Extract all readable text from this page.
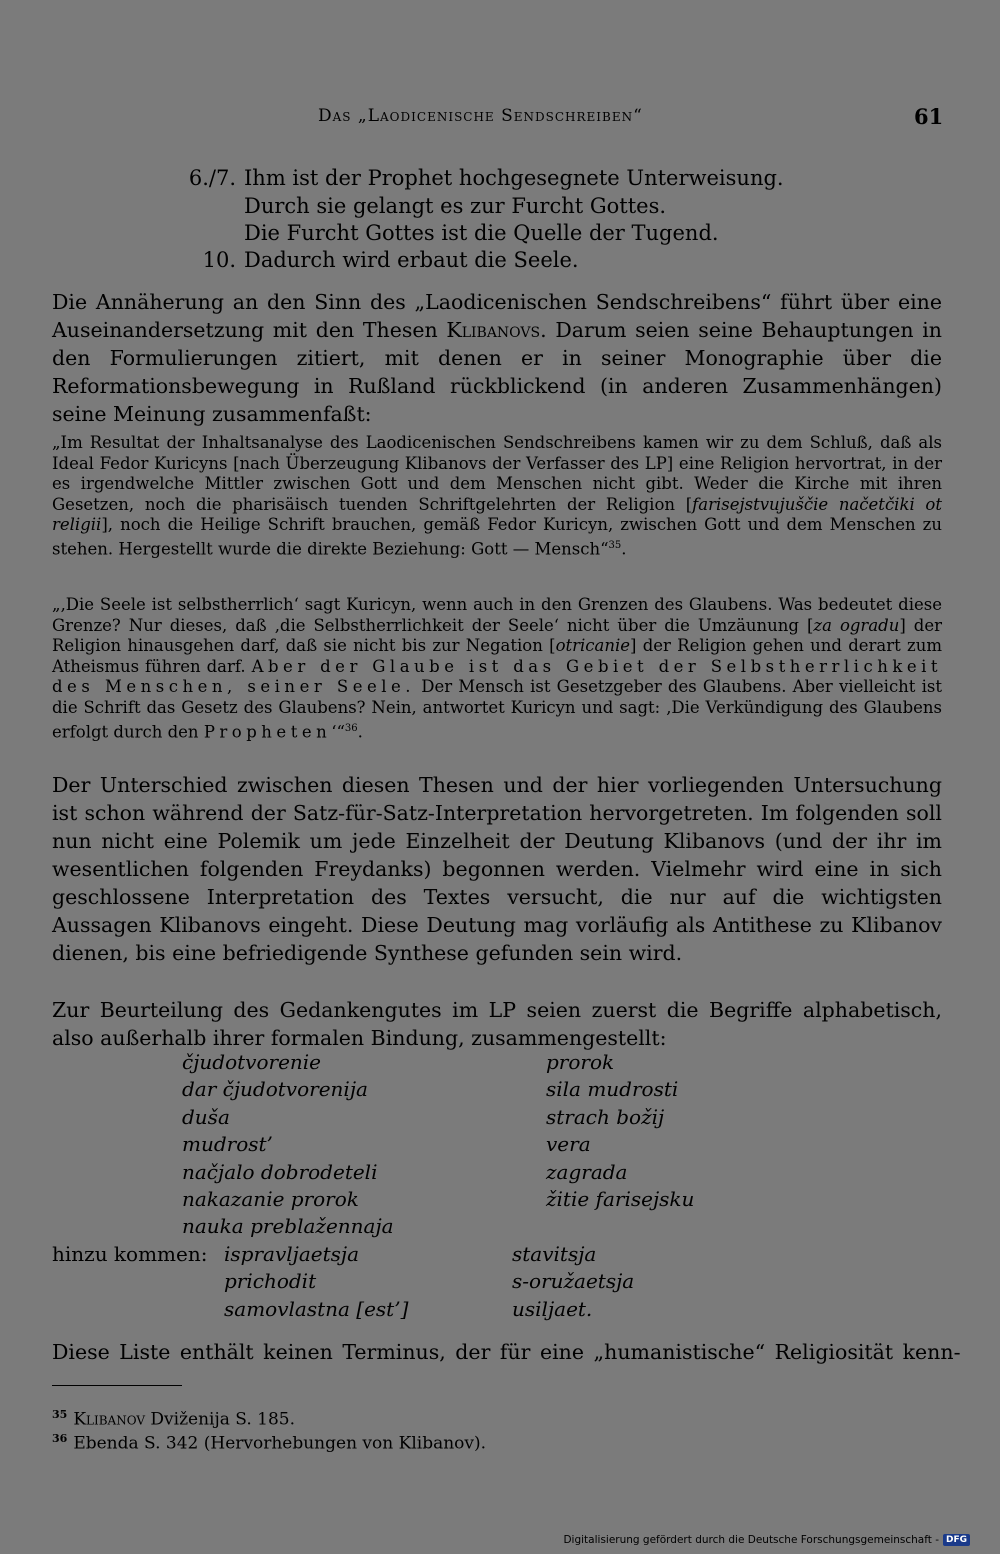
Das „Laodicenische Sendschreiben“	61
6./7. Ihm ist der Prophet hochgesegnete Unterweisung.
Durch sie gelangt es zur Furcht Gottes.
Die Furcht Gottes ist die Quelle der Tugend.
10. Dadurch wird erbaut die Seele.

Die Annäherung an den Sinn des „Laodicenischen Sendschreibens“ führt über eine Auseinandersetzung mit den Thesen Klibanovs. Darum seien seine Behauptungen in den Formulierungen zitiert, mit denen er in seiner Monographie über die Reformationsbewegung in Rußland rückblickend (in anderen Zusammenhängen) seine Meinung zusammenfaßt:

„Im Resultat der Inhaltsanalyse des Laodicenischen Sendschreibens kamen wir zu dem Schluß, daß als Ideal Fedor Kuricyns [nach Überzeugung Klibanovs der Verfasser des LP] eine Religion hervortrat, in der es irgendwelche Mittler zwischen Gott und dem Menschen nicht gibt. Weder die Kirche mit ihren Gesetzen, noch die pharisäisch tuenden Schriftgelehrten der Religion [farisejstvujuščie načetčiki ot religii], noch die Heilige Schrift brauchen, gemäß Fedor Kuricyn, zwischen Gott und dem Menschen zu stehen. Hergestellt wurde die direkte Beziehung: Gott — Mensch“$^{35}$.

„‚Die Seele ist selbstherrlich‘ sagt Kuricyn, wenn auch in den Grenzen des Glaubens. Was bedeutet diese Grenze? Nur dieses, daß ‚die Selbstherrlichkeit der Seele‘ nicht über die Umzäunung [za ogradu] der Religion hinausgehen darf, daß sie nicht bis zur Negation [otricanie] der Religion gehen und derart zum Atheismus führen darf. Aber der Glaube ist das Gebiet der Selbstherrlichkeit des Menschen, seiner Seele. Der Mensch ist Gesetzgeber des Glaubens. Aber vielleicht ist die Schrift das Gesetz des Glaubens? Nein, antwortet Kuricyn und sagt: ‚Die Verkündigung des Glaubens erfolgt durch den Propheten‘“$^{36}$.

Der Unterschied zwischen diesen Thesen und der hier vorliegenden Untersuchung ist schon während der Satz-für-Satz-Interpretation hervorgetreten. Im folgenden soll nun nicht eine Polemik um jede Einzelheit der Deutung Klibanovs (und der ihr im wesentlichen folgenden Freydanks) begonnen werden. Vielmehr wird eine in sich geschlossene Interpretation des Textes versucht, die nur auf die wichtigsten Aussagen Klibanovs eingeht. Diese Deutung mag vorläufig als Antithese zu Klibanov dienen, bis eine befriedigende Synthese gefunden sein wird.

Zur Beurteilung des Gedankengutes im LP seien zuerst die Begriffe alphabetisch, also außerhalb ihrer formalen Bindung, zusammengestellt:

čjudotvorenie
dar čjudotvorenija
duša
mudrost’
načjalo dobrodeteli
nakazanie prorok
nauka preblažennaja
prorok
sila mudrosti
strach božij
vera
zagrada
žitie farisejsku
hinzu kommen: ispravljaetsja
prichodit
samovlastna [est’]
stavitsja
s-oružaetsja
usiljaet.

Diese Liste enthält keinen Terminus, der für eine „humanistische“ Religiosität kenn-

$^{35}$ Klibanov Dviženija S. 185.
$^{36}$ Ebenda S. 342 (Hervorhebungen von Klibanov).
Digitalisierung gefördert durch die Deutsche Forschungsgemeinschaft - DFG
